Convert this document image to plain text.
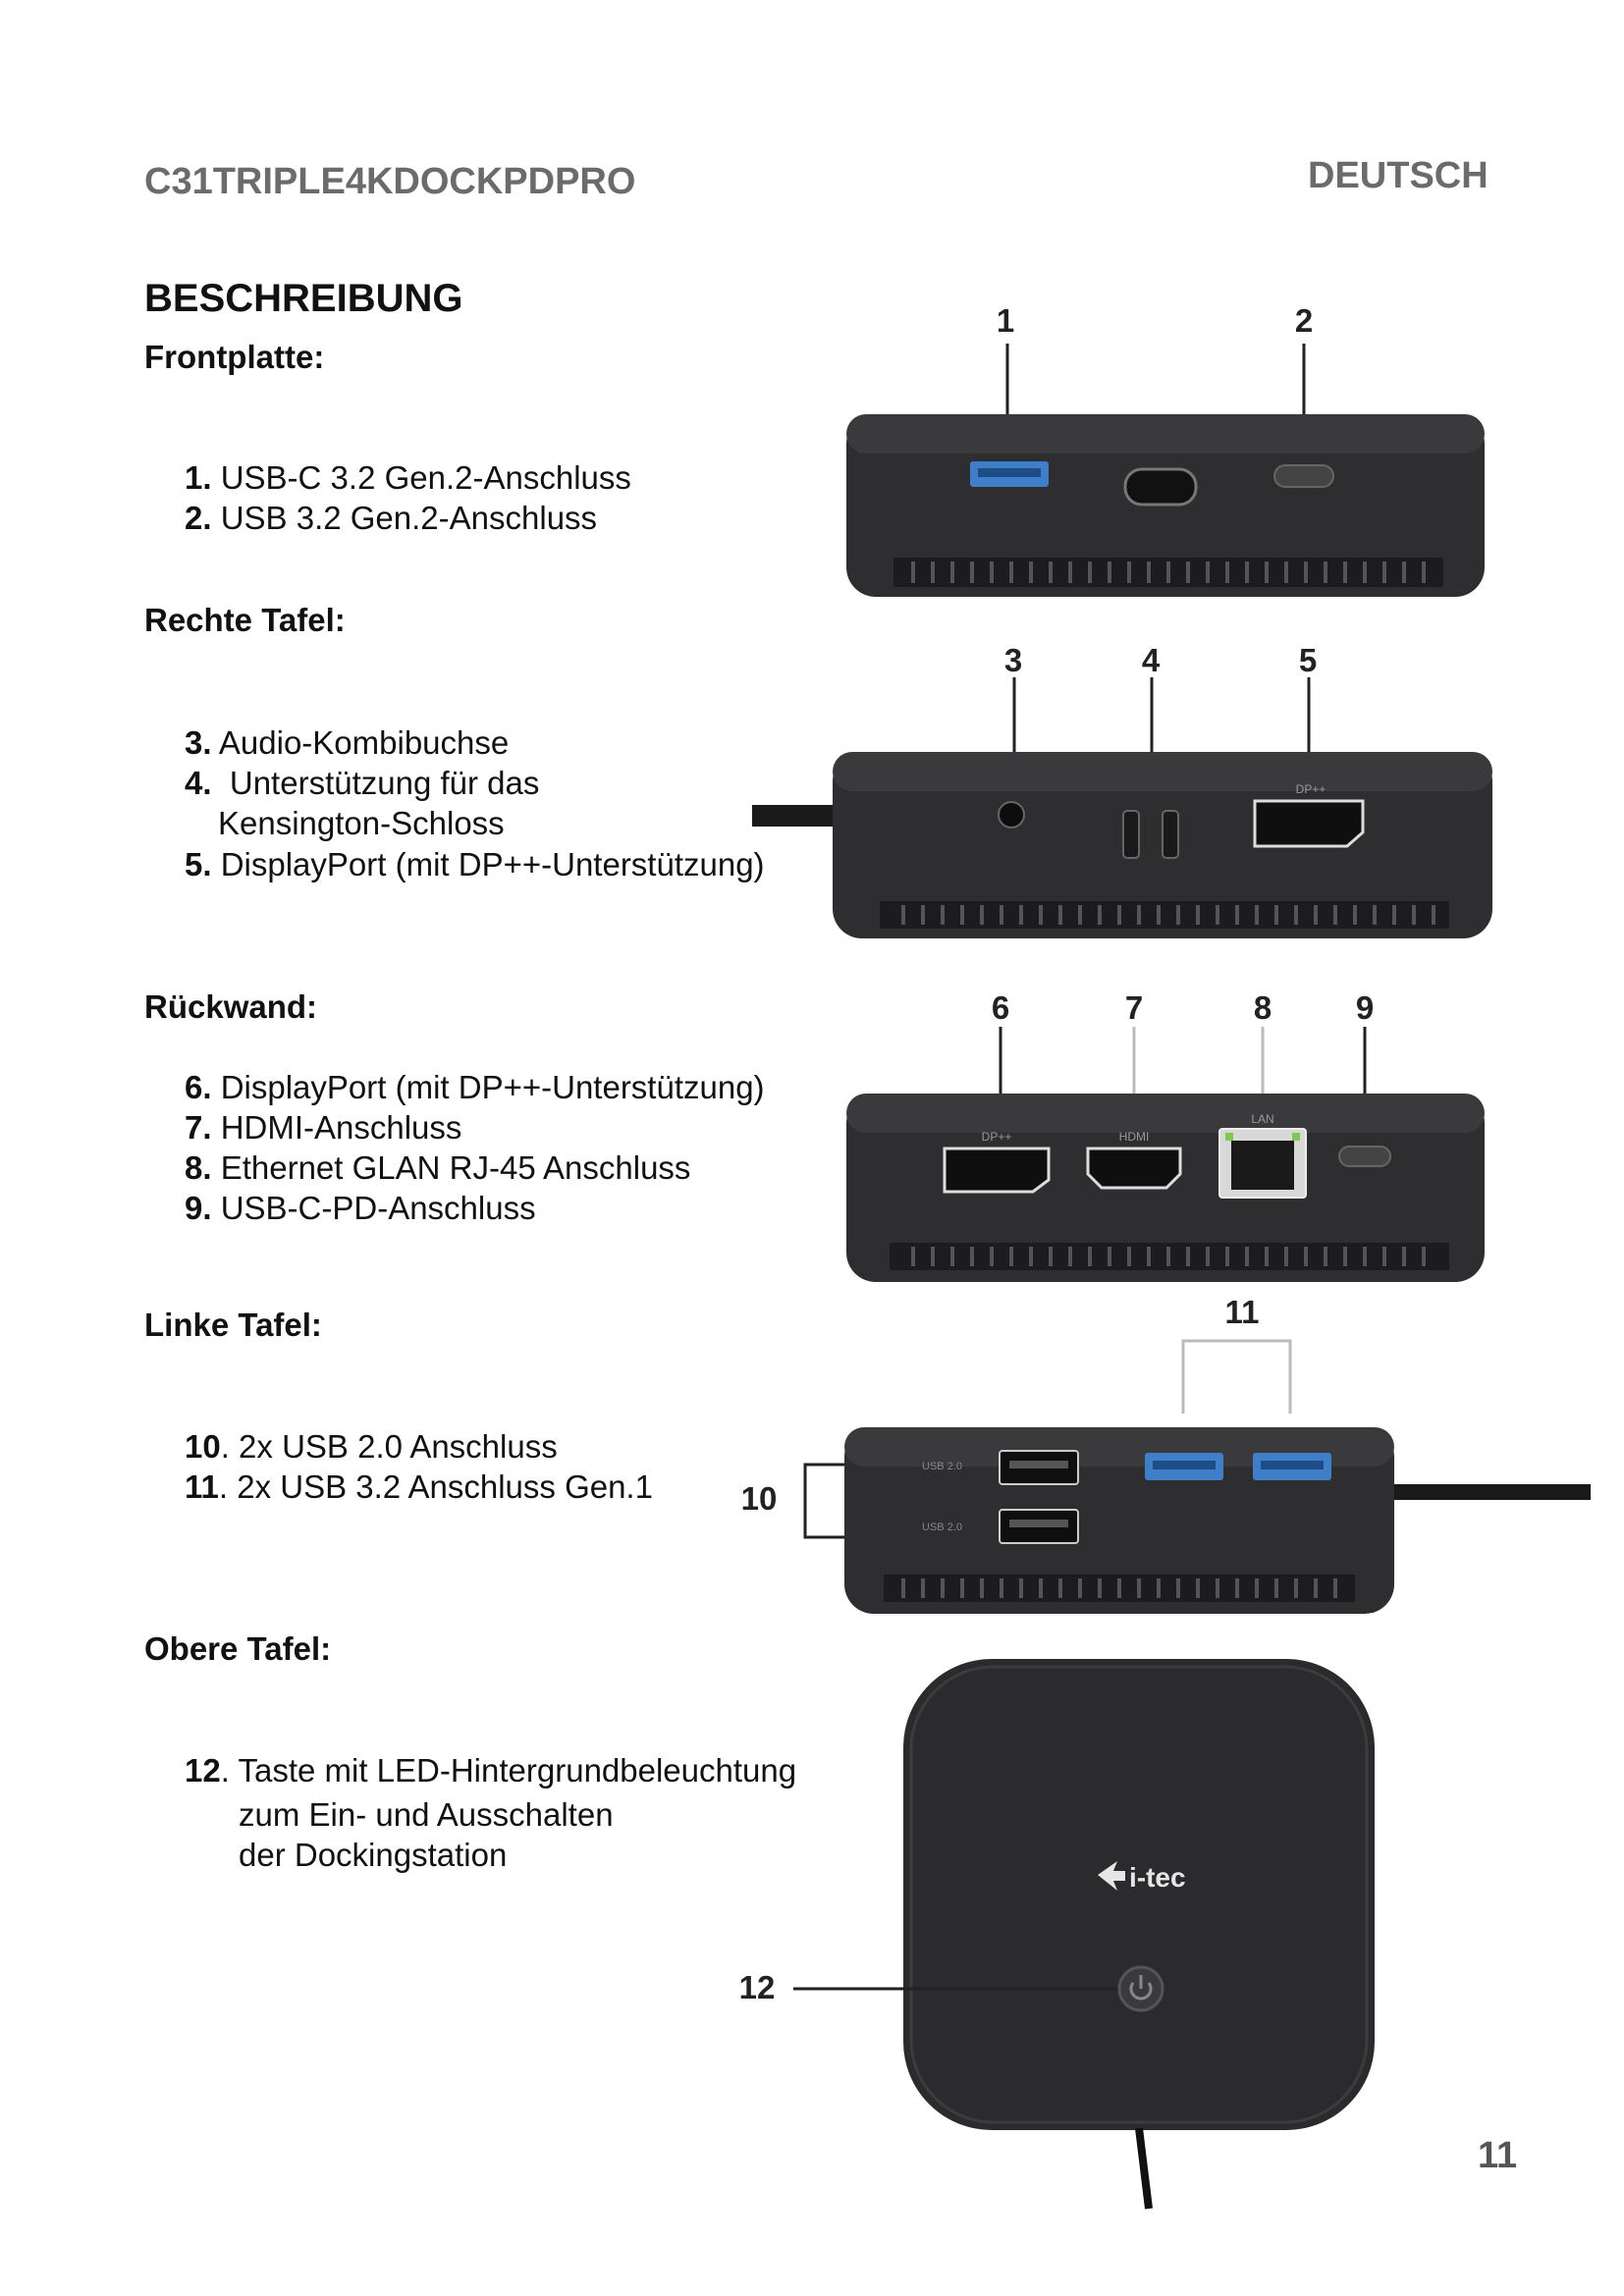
C31TRIPLE4KDOCKPDPRO	DEUTSCH
BESCHREIBUNG
Frontplatte:
1. USB-C 3.2 Gen.2-Anschluss
2. USB 3.2 Gen.2-Anschluss
Rechte Tafel:
3. Audio-Kombibuchse
4. Unterstützung für das
Kensington-Schloss
5. DisplayPort (mit DP++-Unterstützung)
Rückwand:
6. DisplayPort (mit DP++-Unterstützung)
7. HDMI-Anschluss
8. Ethernet GLAN RJ-45 Anschluss
9. USB-C-PD-Anschluss
Linke Tafel:
10. 2x USB 2.0 Anschluss
11. 2x USB 3.2 Anschluss Gen.1
Obere Tafel:
12. Taste mit LED-Hintergrundbeleuchtung
zum Ein- und Ausschalten
der Dockingstation
1	2
3	4	5
DP++
6	7	8	9
DP++	HDMI
LAN
11
10
USB 2.0
USB 2.0
12
i-tec
11
